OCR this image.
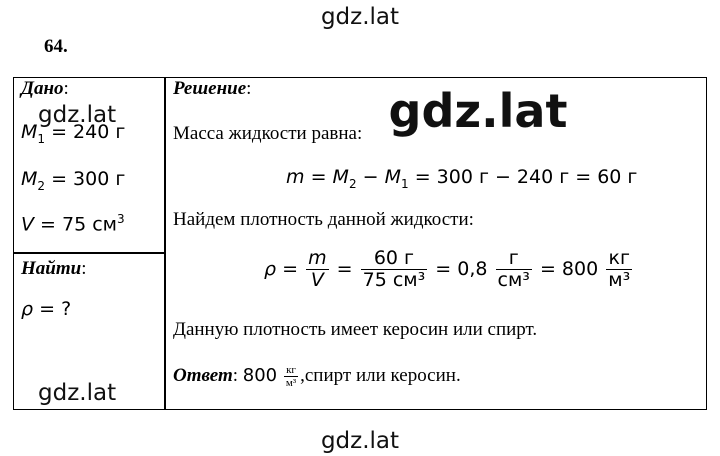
gdz.lat
64.
Дано:
$M_1 = 240$ г
$M_2 = 300$ г
V = 75 $см^3$
Найти:
ρ = ?
Решение:
Масса жидкости равна:
$m = M_2 - M_1 = 300$ г − 240 г = 60 г
Найдем плотность данной жидкости:
$\rho = \frac{m}{V} = \frac{60 г}{\text{75 см³}} = 0,8 \frac{г}{\text{см³}} = 800 \frac{кг}{\text{м³}}$
Данную плотность имеет керосин или спирт.
Ответ: $800 \frac{кг}{\text{м³}}$ ,спирт или керосин.
gdz.lat	gdz.lat
gdz.lat
gdz.lat
